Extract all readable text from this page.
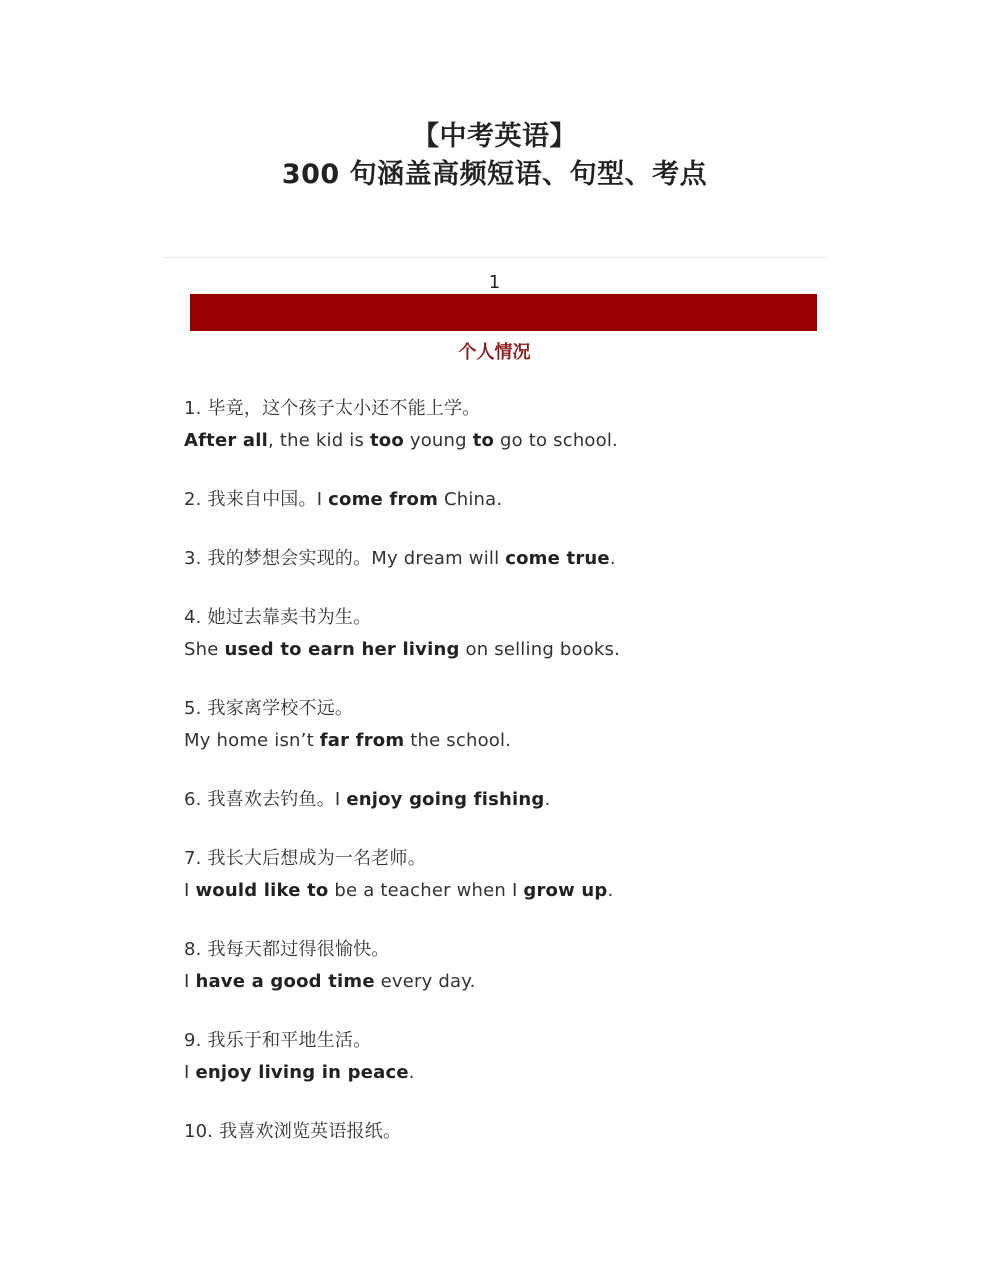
【中考英语】
300 句涵盖高频短语、句型、考点
1
个人情况
1. 毕竟，这个孩子太小还不能上学。
After all, the kid is too young to go to school.
2. 我来自中国。I come from China.
3. 我的梦想会实现的。My dream will come true.
4. 她过去靠卖书为生。
She used to earn her living on selling books.
5. 我家离学校不远。
My home isn’t far from the school.
6. 我喜欢去钓鱼。I enjoy going fishing.
7. 我长大后想成为一名老师。
I would like to be a teacher when I grow up.
8. 我每天都过得很愉快。
I have a good time every day.
9. 我乐于和平地生活。
I enjoy living in peace.
10. 我喜欢浏览英语报纸。
